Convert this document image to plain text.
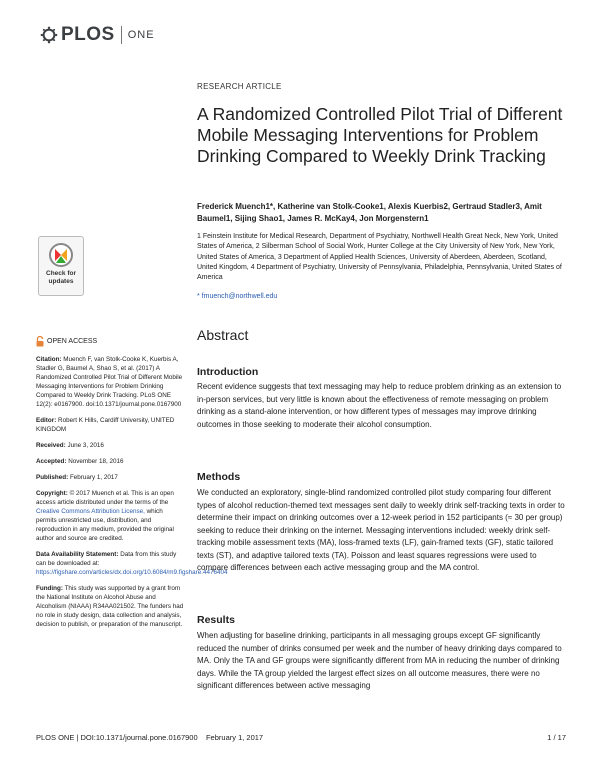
PLOS ONE
RESEARCH ARTICLE
A Randomized Controlled Pilot Trial of Different Mobile Messaging Interventions for Problem Drinking Compared to Weekly Drink Tracking
Frederick Muench1*, Katherine van Stolk-Cooke1, Alexis Kuerbis2, Gertraud Stadler3, Amit Baumel1, Sijing Shao1, James R. McKay4, Jon Morgenstern1
1 Feinstein Institute for Medical Research, Department of Psychiatry, Northwell Health Great Neck, New York, United States of America, 2 Silberman School of Social Work, Hunter College at the City University of New York, New York, United States of America, 3 Department of Applied Health Sciences, University of Aberdeen, Aberdeen, Scotland, United Kingdom, 4 Department of Psychiatry, University of Pennsylvania, Philadelphia, Pennsylvania, United States of America
* fmuench@northwell.edu
Check for
updates
OPEN ACCESS

Citation: Muench F, van Stolk-Cooke K, Kuerbis A, Stadler G, Baumel A, Shao S, et al. (2017) A Randomized Controlled Pilot Trial of Different Mobile Messaging Interventions for Problem Drinking Compared to Weekly Drink Tracking. PLoS ONE 12(2): e0167900. doi:10.1371/journal.pone.0167900

Editor: Robert K Hills, Cardiff University, UNITED KINGDOM

Received: June 3, 2016

Accepted: November 18, 2016

Published: February 1, 2017

Copyright: © 2017 Muench et al. This is an open access article distributed under the terms of the Creative Commons Attribution License, which permits unrestricted use, distribution, and reproduction in any medium, provided the original author and source are credited.

Data Availability Statement: Data from this study can be downloaded at: https://figshare.com/articles/dx.doi.org/10.6084/m9.figshare.4476404

Funding: This study was supported by a grant from the National Institute on Alcohol Abuse and Alcoholism (NIAAA) R34AA021502. The funders had no role in study design, data collection and analysis, decision to publish, or preparation of the manuscript.

Abstract
Introduction
Recent evidence suggests that text messaging may help to reduce problem drinking as an extension to in-person services, but very little is known about the effectiveness of remote messaging on problem drinking as a stand-alone intervention, or how different types of messages may improve drinking outcomes in those seeking to moderate their alcohol consumption.
Methods
We conducted an exploratory, single-blind randomized controlled pilot study comparing four different types of alcohol reduction-themed text messages sent daily to weekly drink self-tracking texts in order to determine their impact on drinking outcomes over a 12-week period in 152 participants (≈ 30 per group) seeking to reduce their drinking on the internet. Messaging interventions included: weekly drink self-tracking mobile assessment texts (MA), loss-framed texts (LF), gain-framed texts (GF), static tailored texts (ST), and adaptive tailored texts (TA). Poisson and least squares regressions were used to compare differences between each active messaging group and the MA control.
Results
When adjusting for baseline drinking, participants in all messaging groups except GF significantly reduced the number of drinks consumed per week and the number of heavy drinking days compared to MA. Only the TA and GF groups were significantly different from MA in reducing the number of drinking days. While the TA group yielded the largest effect sizes on all outcome measures, there were no significant differences between active messaging
PLOS ONE | DOI:10.1371/journal.pone.0167900    February 1, 2017	1 / 17
